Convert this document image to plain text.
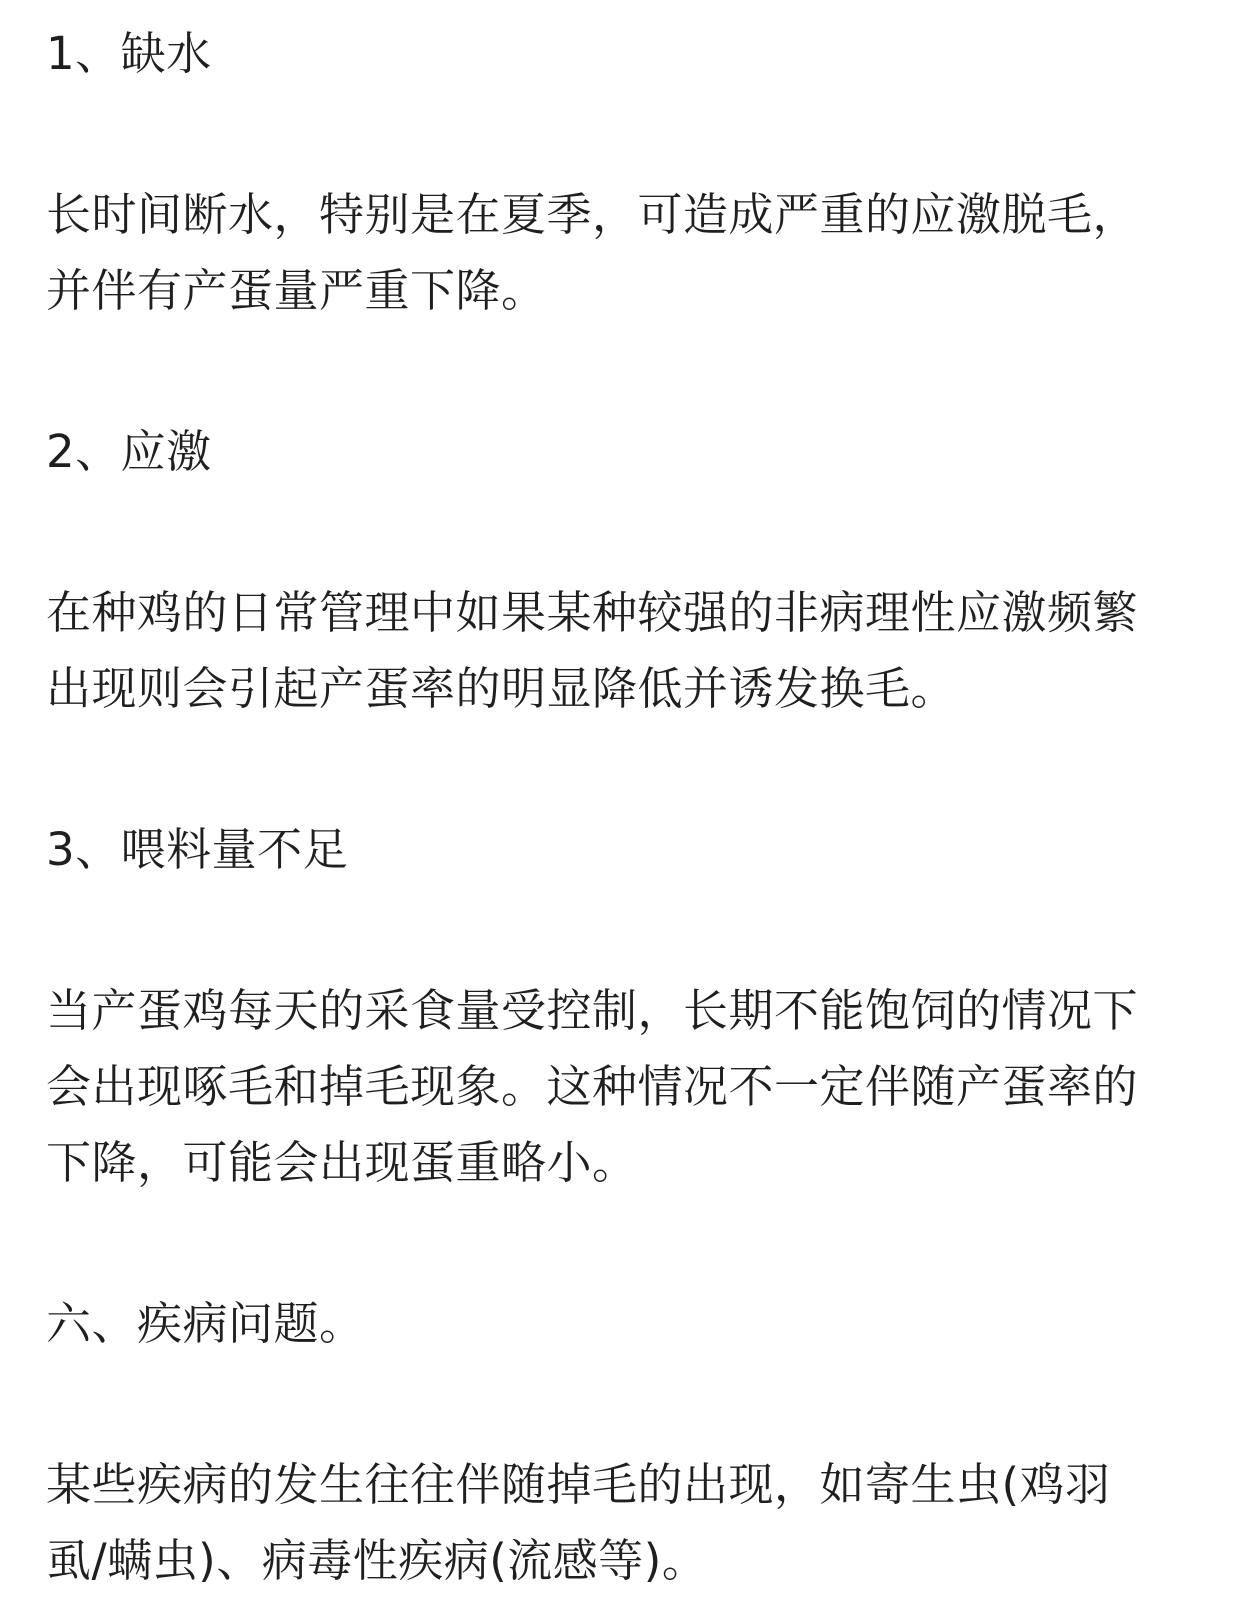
1、缺水
长时间断水，特别是在夏季，可造成严重的应激脱毛，
并伴有产蛋量严重下降。
2、应激
在种鸡的日常管理中如果某种较强的非病理性应激频繁
出现则会引起产蛋率的明显降低并诱发换毛。
3、喂料量不足
当产蛋鸡每天的采食量受控制，长期不能饱饲的情况下
会出现啄毛和掉毛现象。这种情况不一定伴随产蛋率的
下降，可能会出现蛋重略小。
六、疾病问题。
某些疾病的发生往往伴随掉毛的出现，如寄生虫(鸡羽
虱/螨虫)、病毒性疾病(流感等)。
